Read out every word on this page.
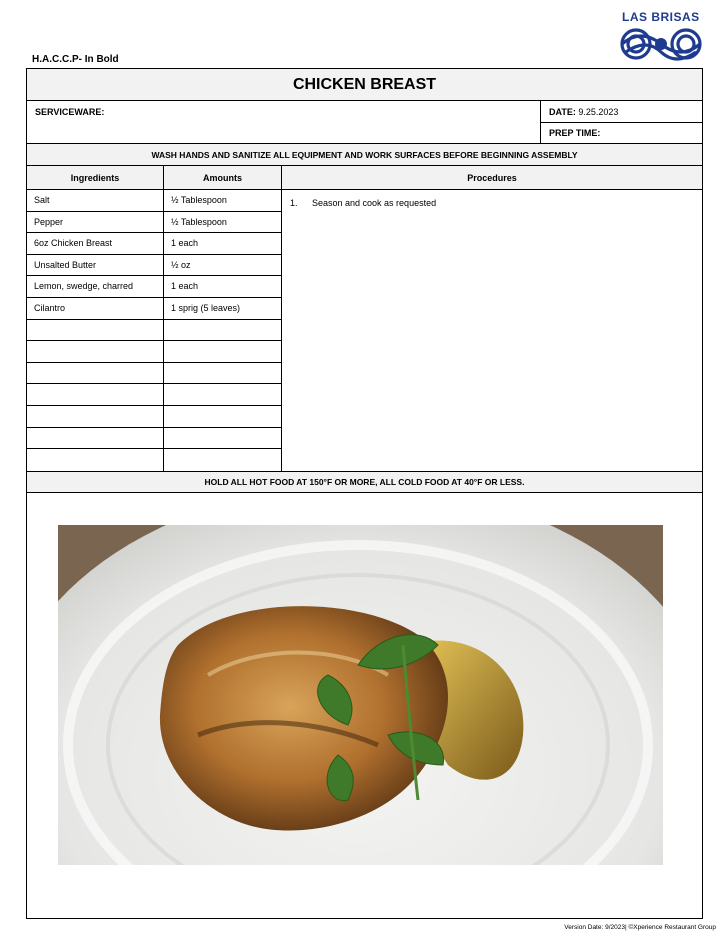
H.A.C.C.P- In Bold
LAS BRISAS
CHICKEN BREAST
SERVICEWARE:	DATE: 9.25.2023
PREP TIME:
WASH HANDS AND SANITIZE ALL EQUIPMENT AND WORK SURFACES BEFORE BEGINNING ASSEMBLY
Ingredients	Amounts	Procedures
Salt	½ Tablespoon
Pepper	½ Tablespoon
6oz Chicken Breast	1 each
Unsalted Butter	½ oz
Lemon, swedge, charred	1 each
Cilantro	1 sprig (5 leaves)
1.	Season and cook as requested
HOLD ALL HOT FOOD AT 150°F OR MORE, ALL COLD FOOD AT 40°F OR LESS.
Version Date: 9/2023| ©Xperience Restaurant Group
